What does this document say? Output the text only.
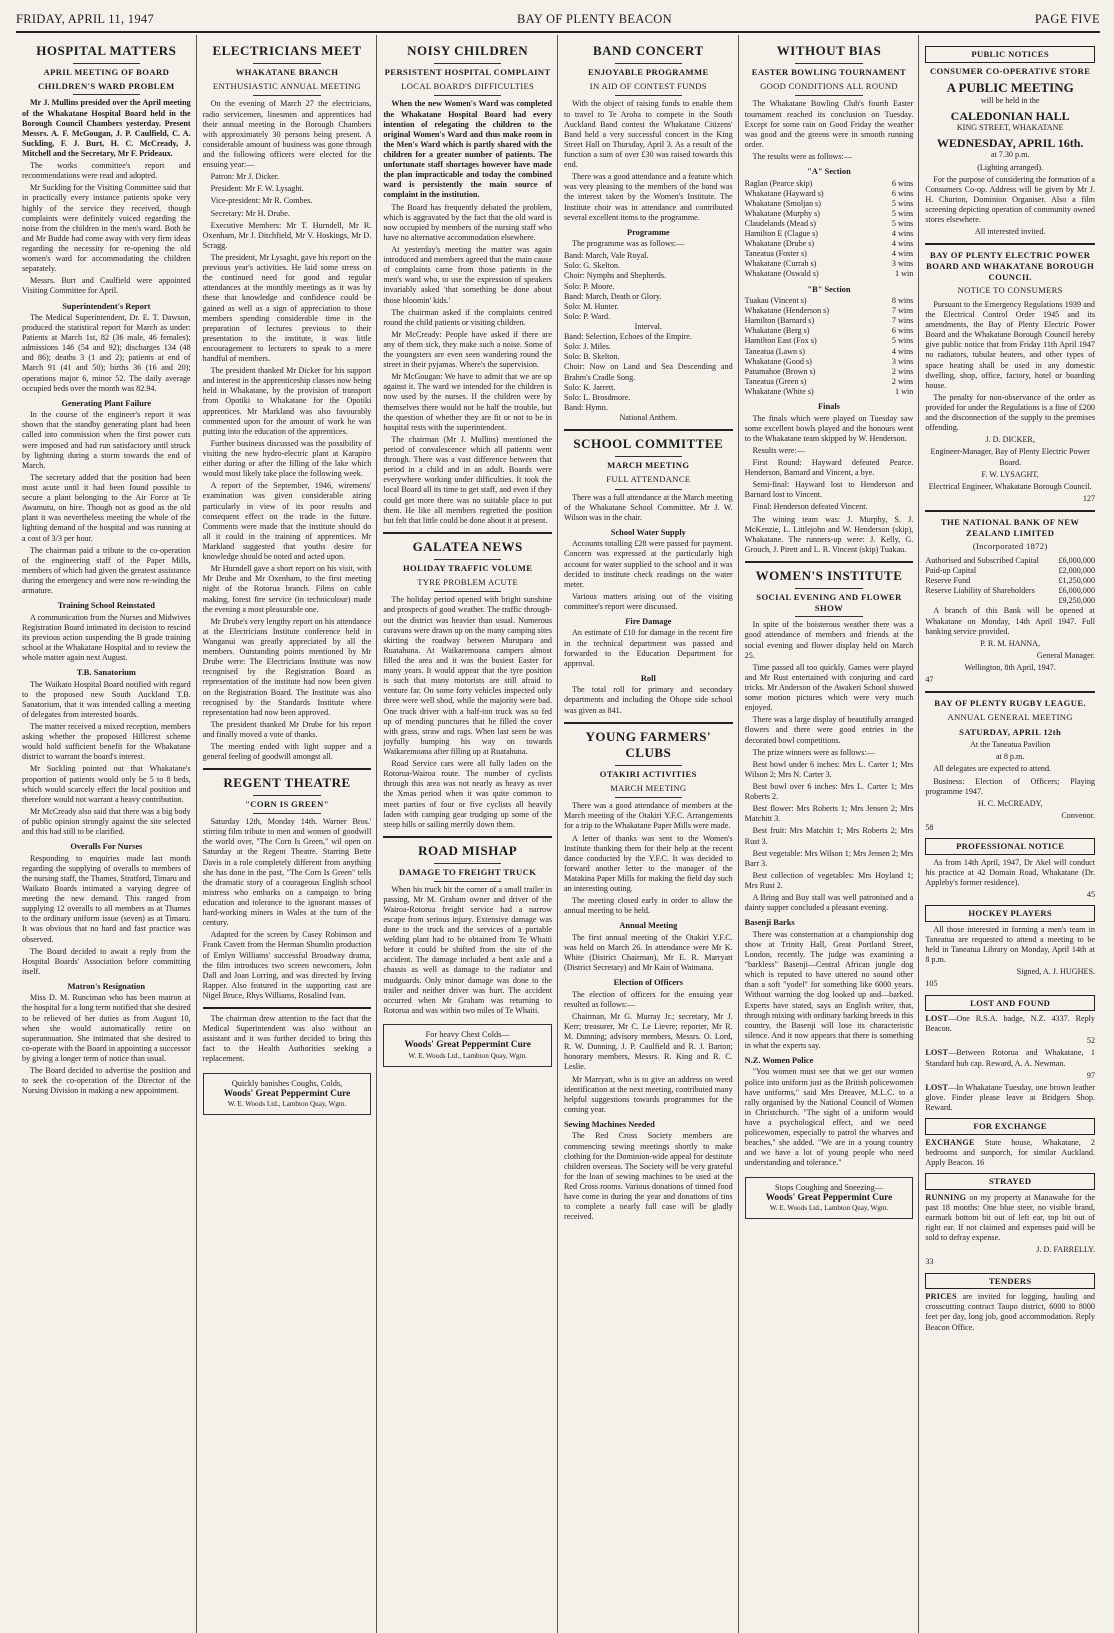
FRIDAY, APRIL 11, 1947	BAY OF PLENTY BEACON	PAGE FIVE
HOSPITAL MATTERS
APRIL MEETING OF BOARD
CHILDREN'S WARD PROBLEM

Mr J. Mullins presided over the April meeting of the Whakatane Hospital Board held in the Borough Council Chambers yesterday. Present Messrs. A. F. McGougan, J. P. Caulfield, C. A. Suckling, F. J. Burt, H. C. McCready, J. Mitchell and the Secretary, Mr F. Prideaux.

The works committee's report and recommendations were read and adopted.

Mr Suckling for the Visiting Committee said that in practically every instance patients spoke very highly of the service they received, though complaints were definitely voiced regarding the noise from the children in the men's ward. Both he and Mr Budde had come away with very firm ideas regarding the necessity for re-opening the old women's ward for accommodating the children separately.

Messrs. Burt and Caulfield were appointed Visiting Committee for April.

Superintendent's Report

The Medical Superintendent, Dr. E. T. Dawson, produced the statistical report for March as under: Patients at March 1st, 82 (36 male, 46 females); admissions 146 (54 and 92); discharges 134 (48 and 86); deaths 3 (1 and 2); patients at end of March 91 (41 and 50); births 36 (16 and 20); operations major 6, minor 52. The daily average occupied beds over the month was 82.94.

Generating Plant Failure

In the course of the engineer's report it was shown that the standby generating plant had been called into commission when the first power cuts were imposed and had run satisfactory until struck by lightning during a storm towards the end of March.

The secretary added that the position had been most acute until it had been found possible to secure a plant belonging to the Air Force at Te Awamutu, on hire. Though not as good as the old plant it was nevertheless meeting the whole of the lighting demand of the hospital and was running at a cost of 3/3 per hour.

The chairman paid a tribute to the co-operation of the engineering staff of the Paper Mills, members of which had given the greatest assistance during the emergency and were now re-winding the armature.

Training School Reinstated

A communication from the Nurses and Midwives Registration Board intimated its decision to rescind its previous action suspending the B grade training school at the Whakatane Hospital and to review the whole matter again next August.

T.B. Sanatorium

The Waikato Hospital Board notified with regard to the proposed new South Auckland T.B. Sanatorium, that it was intended calling a meeting of delegates from interested boards.

The matter received a mixed reception, members asking whether the proposed Hillcrest scheme would hold sufficient benefit for the Whakatane district to warrant the board's interest.

Mr Suckling pointed out that Whakatane's proportion of patients would only be 5 to 8 beds, which would scarcely effect the local position and therefore would not warrant a heavy contribution.

Mr McCready also said that there was a big body of public opinion strongly against the site selected and this had still to be clarified.

Overalls For Nurses

Responding to enquiries made last month regarding the supplying of overalls to members of the nursing staff, the Thames, Stratford, Timaru and Waikato Boards intimated a varying degree of meeting the new demand. This ranged from supplying 12 overalls to all members as at Thames to the ordinary uniform issue (seven) as at Timaru. It was obvious that no hard and fast practice was observed.

The Board decided to await a reply from the Hospital Boards' Association before committing itself.

Matron's Resignation

Miss D. M. Runciman who has been matron at the hospital for a long term notified that she desired to be relieved of her duties as from August 10, when she would automatically retire on superannuation. She intimated that she desired to co-operate with the Board in appointing a successor by giving a longer term of notice than usual.

The Board decided to advertise the position and to seek the co-operation of the Director of the Nursing Division in making a new appointment.

ELECTRICIANS MEET
WHAKATANE BRANCH
ENTHUSIASTIC ANNUAL MEETING

On the evening of March 27 the electricians, radio servicemen, linesmen and apprentices had their annual meeting in the Borough Chambers with approximately 30 persons being present. A considerable amount of business was gone through and the following officers were elected for the ensuing year:—

Patron: Mr J. Dicker.

President: Mr F. W. Lysaght.

Vice-president: Mr R. Combes.

Secretary: Mr H. Drube.

Executive Members: Mr T. Hurndell, Mr R. Oxenham, Mr J. Ditchfield, Mr V. Hoskings, Mr D. Scragg.

The president, Mr Lysaght, gave his report on the previous year's activities. He laid some stress on the continued need for good and regular attendances at the monthly meetings as it was by these that knowledge and confidence could be gained as well as a sign of appreciation to those members spending considerable time in the preparation of lectures previous to their presentation to the institute, it was little encouragement to lecturers to speak to a mere handful of members.

The president thanked Mr Dicker for his support and interest in the apprenticeship classes now being held in Whakatane, by the provision of transport from Opotiki to Whakatane for the Opotiki apprentices. Mr Markland was also favourably commented upon for the amount of work he was putting into the education of the apprentices.

Further business discussed was the possibility of visiting the new hydro-electric plant at Karapiro either during or after the filling of the lake which would most likely take place the following week.

A report of the September, 1946, wiremens' examination was given considerable airing particularly in view of its poor results and consequent effect on the trade in the future. Comments were made that the institute should do all it could in the training of apprentices. Mr Markland suggested that youths desire for knowledge should be noted and acted upon.

Mr Hurndell gave a short report on his visit, with Mr Drube and Mr Oxenham, to the first meeting night of the Rotorua branch. Films on cable making, forest fire service (in technicolour) made the evening a most pleasurable one.

Mr Drube's very lengthy report on his attendance at the Electricians Institute conference held in Wanganui was greatly appreciated by all the members. Outstanding points mentioned by Mr Drube were: The Electricians Institute was now recognised by the Registration Board as representation of the institute had now been given on the Registration Board. The Institute was also recognised by the Standards Institute where representation had now been approved.

The president thanked Mr Drube for his report and finally moved a vote of thanks.

The meeting ended with light supper and a general feeling of goodwill amongst all.

REGENT THEATRE
"CORN IS GREEN"

Saturday 12th, Monday 14th. Warner Bros.' stirring film tribute to men and women of goodwill the world over, "The Corn Is Green," wil open on Saturday at the Regent Theatre. Starring Bette Davis in a role completely different from anything she has done in the past, "The Corn Is Green" tells the dramatic story of a courageous English school mistress who embarks on a campaign to bring education and tolerance to the ignorant masses of hard-working miners in Wales at the turn of the century.

Adapted for the screen by Casey Robinson and Frank Cavett from the Herman Shumlin production of Emlyn Williams' successful Broadway drama, the film introduces two screen newcomers, John Dall and Joan Lorring, and was directed by Irving Rapper. Also featured in the supporting cast are Nigel Bruce, Rhys Williams, Rosalind Ivan.

The chairman drew attention to the fact that the Medical Superintendent was also without an assistant and it was further decided to bring this fact to the Health Authorities seeking a replacement.

Quickly banishes Coughs, Colds,
Woods' Great Peppermint Cure
W. E. Woods Ltd., Lambton Quay, Wgtn.
NOISY CHILDREN
PERSISTENT HOSPITAL COMPLAINT
LOCAL BOARD'S DIFFICULTIES

When the new Women's Ward was completed the Whakatane Hospital Board had every intention of relegating the children to the original Women's Ward and thus make room in the Men's Ward which is partly shared with the children for a greater number of patients. The unfortunate staff shortages however have made the plan impracticable and today the combined ward is persistently the main source of complaint in the institution.

The Board has frequently debated the problem, which is aggravated by the fact that the old ward is now occupied by members of the nursing staff who have no alternative accommodation elsewhere.

At yesterday's meeting the matter was again introduced and members agreed that the main cause of complaints came from those patients in the men's ward who, to use the expression of speakers invariably asked 'that something be done about those bloomin' kids.'

The chairman asked if the complaints centred round the child patients or visiting children.

Mr McCready: People have asked if there are any of them sick, they make such a noise. Some of the youngsters are even seen wandering round the street in their pyjamas. Where's the supervision.

Mr McGougan: We have to admit that we are up against it. The ward we intended for the children is now used by the nurses. If the children were by themselves there would not be half the trouble, but the question of whether they are fit or not to be in hospital rests with the superintendent.

The chairman (Mr J. Mullins) mentioned the period of convalescence which all patients went through. There was a vast difference between that period in a child and in an adult. Boards were everywhere working under difficulties. It took the local Board all its time to get staff, and even if they could get more there was no suitable place to put them. He like all members regretted the position but felt that little could be done about it at present.

GALATEA NEWS
HOLIDAY TRAFFIC VOLUME
TYRE PROBLEM ACUTE

The holiday period opened with bright sunshine and prospects of good weather. The traffic through-out the district was heavier than usual. Numerous caravans were drawn up on the many camping sites skirting the roadway between Murupara and Ruatahuna. At Waikaremoana campers almost filled the area and it was the busiest Easter for many years. It would appear that the tyre position is such that many motorists are still afraid to venture far. On some forty vehicles inspected only three were well shod, while the majority were bad. One truck driver with a half-ton truck was so fed up of mending punctures that he filled the cover with grass, straw and rags. When last seen he was joyfully bumping his way on towards Waikaremoana after filling up at Ruatahuna.

Road Service cars were all fully laden on the Rotorua-Wairoa route. The number of cyclists through this area was not nearly as heavy as over the Xmas period when it was quite common to meet parties of four or five cyclists all heavily laden with camping gear trudging up some of the steep hills or sailing merrily down them.

ROAD MISHAP
DAMAGE TO FREIGHT TRUCK

When his truck hit the corner of a small trailer in passing, Mr M. Graham owner and driver of the Wairoa-Rotorua freight service had a narrow escape from serious injury. Extensive damage was done to the truck and the services of a portable welding plant had to be obtained from Te Whaiti before it could be shifted from the site of the accident. The damage included a bent axle and a chassis as well as damage to the radiator and mudguards. Only minor damage was done to the trailer and neither driver was hurt. The accident occurred when Mr Graham was returning to Rotorua and was within two miles of Te Whaiti.

For heavy Chest Colds—
Woods' Great Peppermint Cure
W. E. Woods Ltd., Lambton Quay, Wgtn.
BAND CONCERT
ENJOYABLE PROGRAMME
IN AID OF CONTEST FUNDS

With the object of raising funds to enable them to travel to Te Aroha to compete in the South Auckland Band contest the Whakatane Citizens' Band held a very successful concert in the King Street Hall on Thursday, April 3. As a result of the function a sum of over £30 was raised towards this end.

There was a good attendance and a feature which was very pleasing to the members of the band was the interest taken by the Women's Institute. The Institute choir was in attendance and contributed several excellent items to the programme.

Programme

The programme was as follows:—

Band: March, Vale Royal.

Solo: G. Skelton.

Choir: Nymphs and Shepherds.

Solo: P. Moore.

Band: March, Death or Glory.

Solo: M. Hunter.

Solo: P. Ward.

Interval.

Band: Selection, Echoes of the Empire.

Solo: J. Miles.

Solo: B. Skelton.

Choir: Now on Land and Sea Descending and Brahm's Cradle Song.

Solo: K. Jarrett.

Solo: L. Brosdmore.

Band: Hymn.

National Anthem.

SCHOOL COMMITTEE
MARCH MEETING
FULL ATTENDANCE

There was a full attendance at the March meeting of the Whakatane School Committee. Mr J. W. Wilson was in the chair.

School Water Supply

Accounts totalling £28 were passed for payment. Concern was expressed at the particularly high account for water supplied to the school and it was decided to institute check readings on the water meter.

Various matters arising out of the visiting committee's report were discussed.

Fire Damage

An estimate of £10 for damage in the recent fire in the technical department was passed and forwarded to the Education Department for approval.

Roll

The total roll for primary and secondary departments and including the Ohope side school was given as 841.

YOUNG FARMERS' CLUBS
OTAKIRI ACTIVITIES
MARCH MEETING

There was a good attendance of members at the March meeting of the Otakiri Y.F.C. Arrangements for a trip to the Whakatane Paper Mills were made.

A letter of thanks was sent to the Women's Institute thanking them for their help at the recent dance conducted by the Y.F.C. It was decided to forward another letter to the manager of the Matakina Paper Mills for making the field day such an interesting outing.

The meeting closed early in order to allow the annual meeting to be held.

Annual Meeting

The first annual meeting of the Otakiri Y.F.C. was held on March 26. In attendance were Mr K. White (District Chairman), Mr E. R. Marryatt (District Secretary) and Mr Kain of Waimana.

Election of Officers

The election of officers for the ensuing year resulted as follows:—

Chairman, Mr G. Murray Jr.; secretary, Mr J. Kerr; treasurer, Mr C. Le Lievre; reporter, Mr R. M. Dunning; advisory members, Messrs. O. Lord, R. W. Dunning, J. P. Caulfield and R. J. Barton; honorary members, Messrs. R. King and R. C. Leslie.

Mr Marryatt, who is to give an address on weed identification at the next meeting, contributed many helpful suggestions towards programmes for the coming year.

Sewing Machines Needed

The Red Cross Society members are commencing sewing meetings shortly to make clothing for the Dominion-wide appeal for destitute children overseas. The Society will be very grateful for the loan of sewing machines to be used at the Red Cross rooms. Various donations of tinned food have come in during the year and donations of tins to complete a nearly full case will be gladly received.

WITHOUT BIAS
EASTER BOWLING TOURNAMENT
GOOD CONDITIONS ALL ROUND

The Whakatane Bowling Club's fourth Easter tournament reached its conclusion on Tuesday. Except for some rain on Good Friday the weather was good and the greens were in smooth running order.

The results were as follows:—

"A" Section
Raglan (Pearce skip)	6 wins
Whakatane (Hayward s)	6 wins
Whakatane (Smoljan s)	5 wins
Whakatane (Murphy s)	5 wins
Claudelands (Mead s)	5 wins
Hamilton E (Clague s)	4 wins
Whakatane (Drube s)	4 wins
Taneatua (Foster s)	4 wins
Whakatane (Currah s)	3 wins
Whakatane (Oswald s)	1 win
"B" Section
Tuakau (Vincent s)	8 wins
Whakatane (Henderson s)	7 wins
Hamilton (Barnard s)	7 wins
Whakatane (Berg s)	6 wins
Hamilton East (Fox s)	5 wins
Taneatua (Lawn s)	4 wins
Whakatane (Good s)	3 wins
Patumahoe (Brown s)	2 wins
Taneatua (Green s)	2 wins
Whakatane (White s)	1 win
Finals

The finals which were played on Tuesday saw some excellent bowls played and the honours went to the Whakatane team skipped by W. Henderson.

Results were:—

First Round: Hayward defeated Pearce. Henderson, Barnard and Vincent, a bye.

Semi-final: Hayward lost to Henderson and Barnard lost to Vincent.

Final: Henderson defeated Vincent.

The wining team was: J. Murphy, S. J. McKenzie, L. Littlejohn and W. Henderson (skip), Whakatane. The runners-up were: J. Kelly, G. Grouch, J. Pirett and L. R. Vincent (skip) Tuakau.

WOMEN'S INSTITUTE
SOCIAL EVENING AND FLOWER SHOW

In spite of the boisterous weather there was a good attendance of members and friends at the social evening and flower display held on March 25.

Time passed all too quickly. Games were played and Mr Rust entertained with conjuring and card tricks. Mr Anderson of the Awakeri School showed some motion pictures which were very much enjoyed.

There was a large display of beautifully arranged flowers and there were good entries in the decorated bowl competitions.

The prize winners were as follows:—

Best bowl under 6 inches: Mrs L. Carter 1; Mrs Wilson 2; Mrs N. Carter 3.

Best bowl over 6 inches: Mrs L. Carter 1; Mrs Roberts 2.

Best flower: Mrs Roberts 1; Mrs Jensen 2; Mrs Matchitt 3.

Best fruit: Mrs Matchitt 1; Mrs Roberts 2; Mrs Rust 3.

Best vegetable: Mrs Wilson 1; Mrs Jensen 2; Mrs Barr 3.

Best collection of vegetables: Mrs Hoyland 1; Mrs Rust 2.

A Bring and Buy stall was well patronised and a dainty supper concluded a pleasant evening.

Basenji Barks

There was consternation at a championship dog show at Trinity Hall, Great Portland Street, London, recently. The judge was examining a "barkless" Basenji—Central African jungle dog which is reputed to have uttered no sound other than a soft "yodel" for something like 6000 years. Without warning the dog looked up and—barked. Experts have stated, says an English writer, that, through mixing with ordinary barking breeds in this country, the Basenji will lose its characteristic silence. And it now appears that there is something in what the experts say.

N.Z. Women Police

"You women must see that we get our women police into uniform just as the British policewomen have uniforms," said Mrs Dreaver, M.L.C. to a rally organised by the National Council of Women in Christchurch. "The sight of a uniform would have a psychological effect, and we need policewomen, especially to patrol the wharves and beaches," she added. "We are in a young country and we have a lot of young people who need understanding and tolerance."

Stops Coughing and Sneezing—
Woods' Great Peppermint Cure
W. E. Woods Ltd., Lambton Quay, Wgtn.
PUBLIC NOTICES
CONSUMER CO-OPERATIVE STORE
A PUBLIC MEETING

will be held in the

CALEDONIAN HALL

KING STREET, WHAKATANE

WEDNESDAY, APRIL 16th.

at 7.30 p.m.

(Lighting arranged).

For the purpose of considering the formation of a Consumers Co-op. Address will be given by Mr J. H. Churton, Dominion Organiser. Also a film screening depicting operation of community owned stores elsewhere.

All interested invited.

BAY OF PLENTY ELECTRIC POWER BOARD AND WHAKATANE BOROUGH COUNCIL
NOTICE TO CONSUMERS

Pursuant to the Emergency Regulations 1939 and the Electrical Control Order 1945 and its amendments, the Bay of Plenty Electric Power Board and the Whakatane Borough Council hereby give public notice that from Friday 11th April 1947 no radiators, tubular heaters, and other types of space heating shall be used in any domestic dwelling, shop, office, factory, hotel or boarding house.

The penalty for non-observance of the order as provided for under the Regulations is a fine of £200 and the disconnection of the supply to the premises offending.

J. D. DICKER,

Engineer-Manager, Bay of Plenty Electric Power Board.

F. W. LYSAGHT,

Electrical Engineer, Whakatane Borough Council.

127

THE NATIONAL BANK OF NEW ZEALAND LIMITED
(Incorporated 1872)
Authorised and Subscribed Capital	£6,000,000
Paid-up Capital	£2,000,000
Reserve Fund	£1,250,000
Reserve Liability of Shareholders	£6,000,000
	£9,250,000

A branch of this Bank will be opened at Whakatane on Monday, 14th April 1947. Full banking service provided.

P. R. M. HANNA,

General Manager.

Wellington, 8th April, 1947.

47

BAY OF PLENTY RUGBY LEAGUE.
ANNUAL GENERAL MEETING
SATURDAY, APRIL 12th

At the Taneatua Pavilion

at 8 p.m.

All delegates are expected to attend.

Business: Election of Officers; Playing programme 1947.

H. C. McCREADY,

Convenor.

58

PROFESSIONAL NOTICE

As from 14th April, 1947, Dr Akel will conduct his practice at 42 Domain Road, Whakatane (Dr. Appleby's former residence).

45

HOCKEY PLAYERS

All those interested in forming a men's team in Taneatua are requested to attend a meeting to be held in Taneatua Library on Monday, April 14th at 8 p.m.

Signed, A. J. HUGHES.

105

LOST AND FOUND

LOST—One R.S.A. badge, N.Z. 4337. Reply Beacon.

52

LOST—Between Rotorua and Whakatane, 1 Standard hub cap. Reward, A. A. Newman.

97

LOST—In Whakatane Tuesday, one brown leather glove. Finder please leave at Bridgers Shop. Reward.

FOR EXCHANGE

EXCHANGE State house, Whakatane, 2 bedrooms and sunporch, for similar Auckland. Apply Beacon. 16

STRAYED

RUNNING on my property at Manawahe for the past 18 months: One blue steer, no visible brand, earmark bottom bit out of left ear, top bit out of right ear. If not claimed and expenses paid will be sold to defray expense.

J. D. FARRELLY.

33

TENDERS

PRICES are invited for logging, hauling and crosscutting contract Taupo district, 6000 to 8000 feet per day, long job, good accommodation. Reply Beacon Office.
